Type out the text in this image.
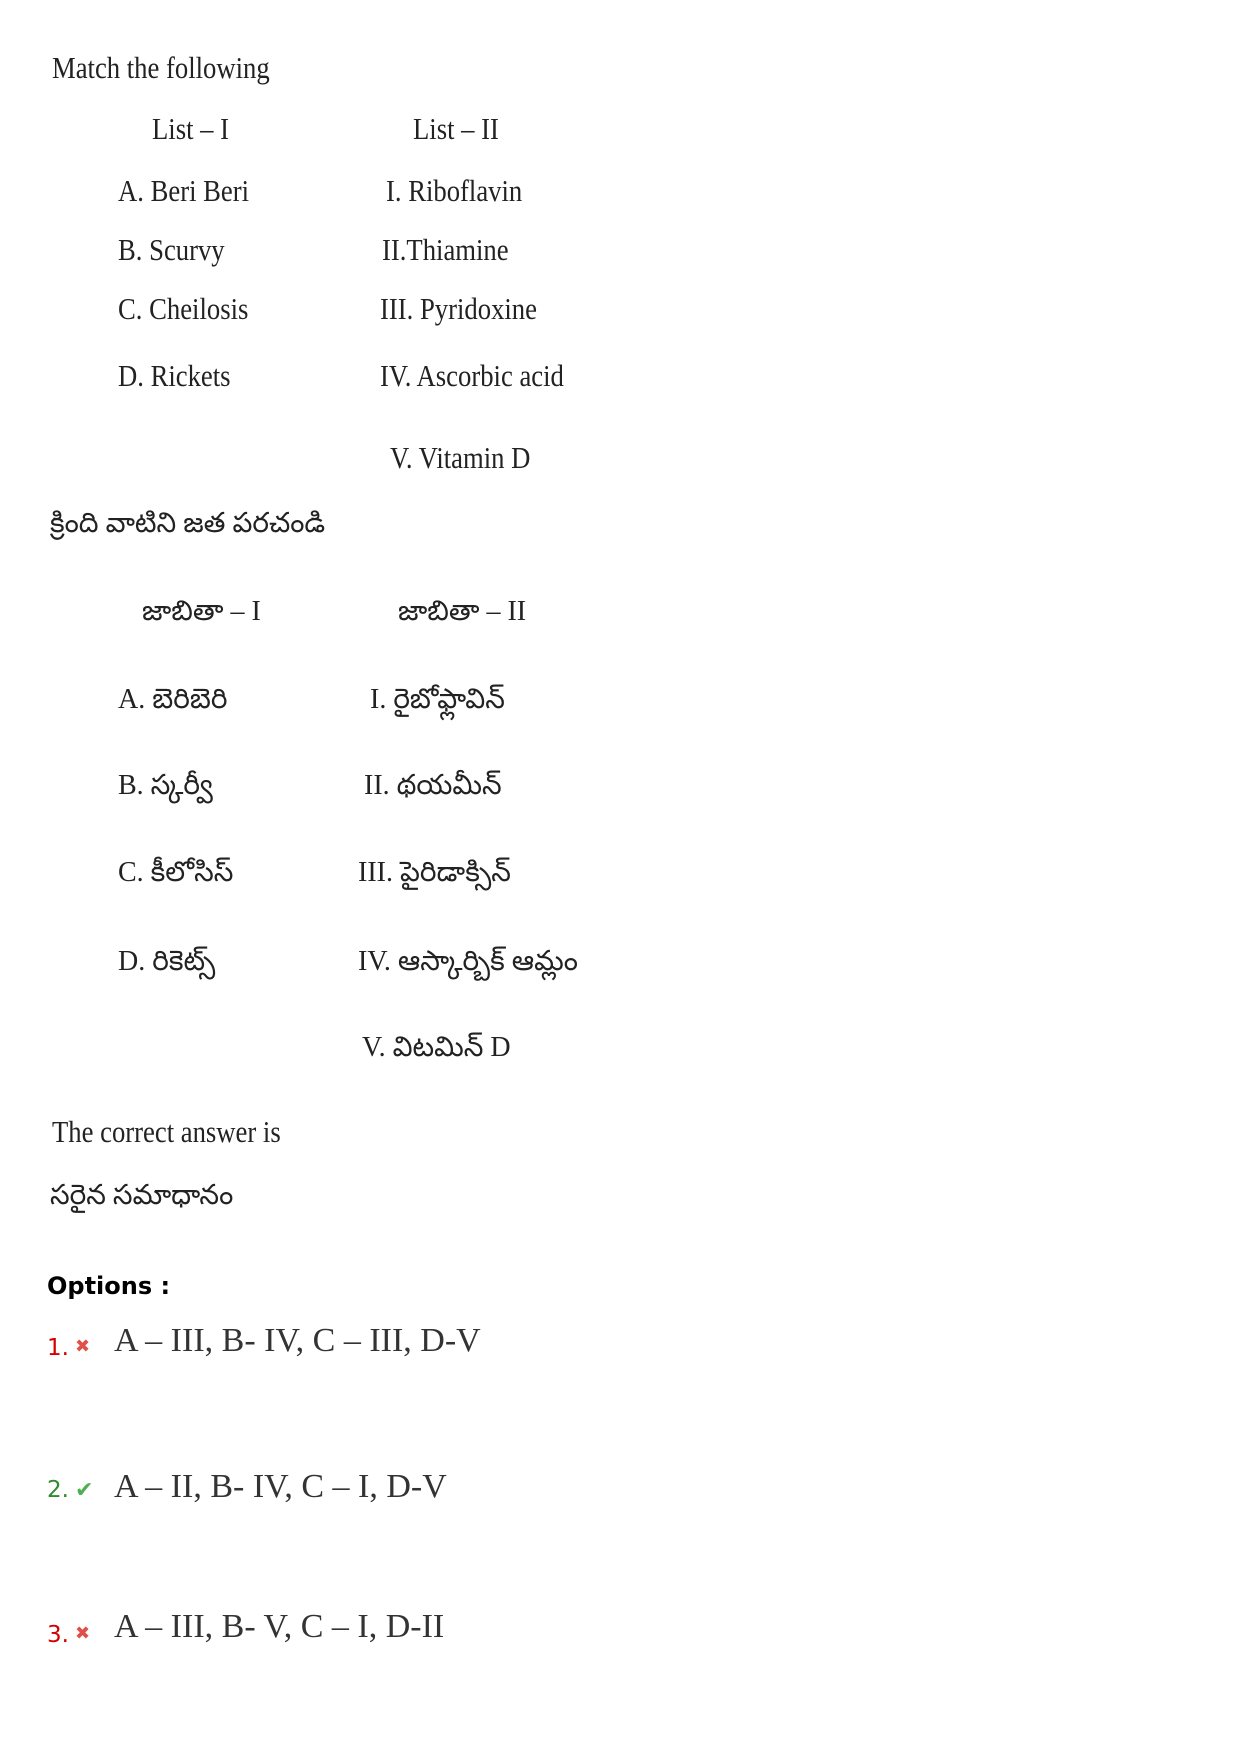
Match the following
List – I	List – II
A. Beri Beri
B. Scurvy
C. Cheilosis
D. Rickets
I. Riboflavin
II.Thiamine
III. Pyridoxine
IV. Ascorbic acid
V. Vitamin D
క్రింది వాటిని జత పరచండి
జాబితా – I	జాబితా – II
A. బెరిబెరి
B. స్కర్వీ
C. కీలోసిస్
D. రికెట్స్
I. రైబోఫ్లావిన్
II. థయమీన్
III. పైరిడాక్సిన్
IV. ఆస్కార్బిక్ ఆమ్లం
V. విటమిన్ D
The correct answer is
సరైన సమాధానం
Options :
1. ✖ A – III, B- IV, C – III, D-V
2. ✔ A – II, B- IV, C – I, D-V
3. ✖ A – III, B- V, C – I, D-II
